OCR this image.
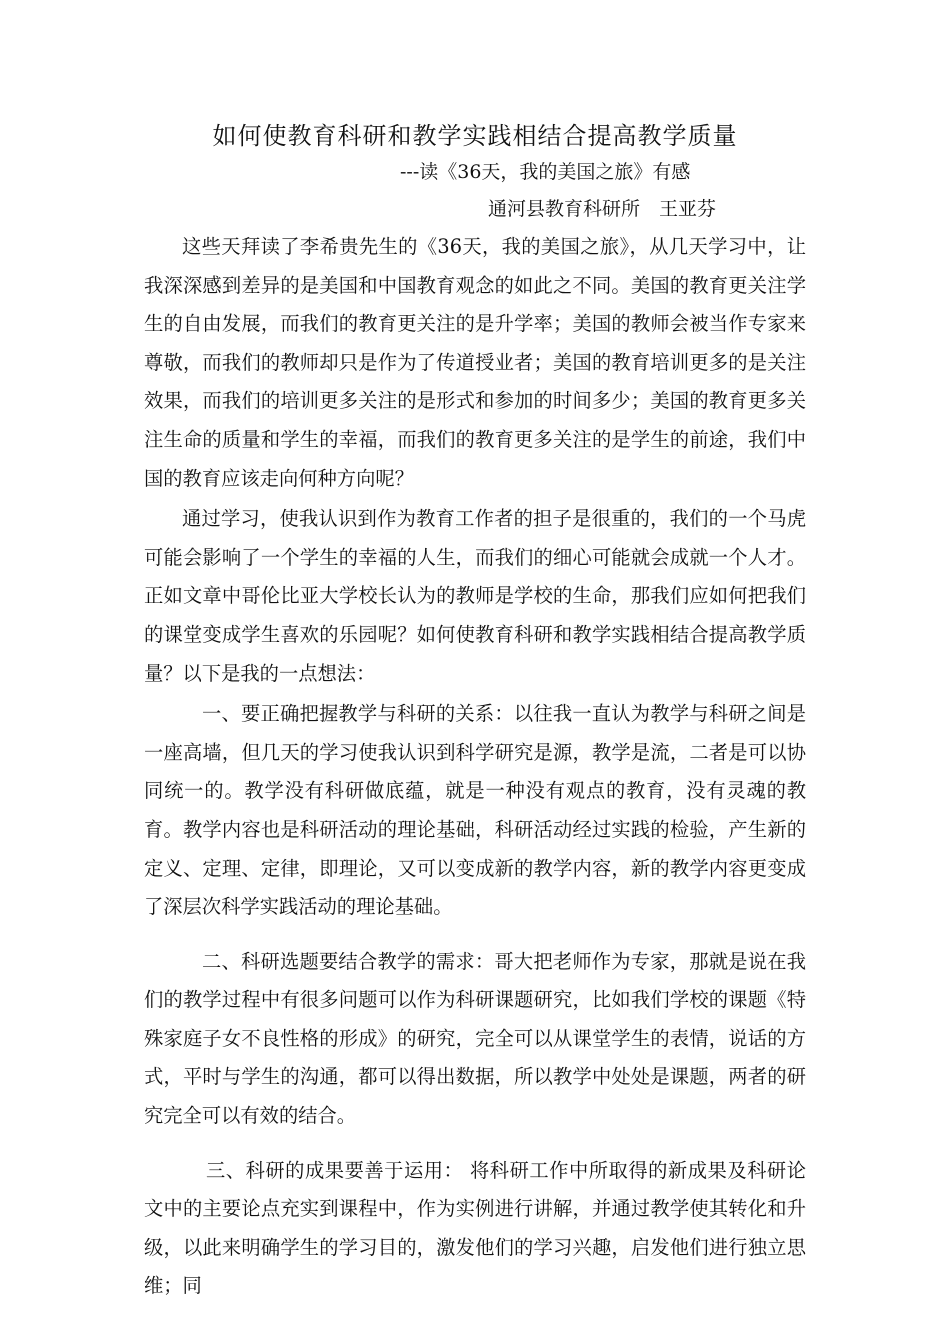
如何使教育科研和教学实践相结合提高教学质量

---读《36天，我的美国之旅》有感

通河县教育科研所　王亚芬

这些天拜读了李希贵先生的《36天，我的美国之旅》，从几天学习中，让我深深感到差异的是美国和中国教育观念的如此之不同。美国的教育更关注学生的自由发展，而我们的教育更关注的是升学率；美国的教师会被当作专家来尊敬，而我们的教师却只是作为了传道授业者；美国的教育培训更多的是关注效果，而我们的培训更多关注的是形式和参加的时间多少；美国的教育更多关注生命的质量和学生的幸福，而我们的教育更多关注的是学生的前途，我们中国的教育应该走向何种方向呢？

通过学习，使我认识到作为教育工作者的担子是很重的，我们的一个马虎可能会影响了一个学生的幸福的人生，而我们的细心可能就会成就一个人才。正如文章中哥伦比亚大学校长认为的教师是学校的生命，那我们应如何把我们的课堂变成学生喜欢的乐园呢？如何使教育科研和教学实践相结合提高教学质量？以下是我的一点想法：

一、要正确把握教学与科研的关系：以往我一直认为教学与科研之间是一座高墙，但几天的学习使我认识到科学研究是源，教学是流，二者是可以协同统一的。教学没有科研做底蕴，就是一种没有观点的教育，没有灵魂的教育。教学内容也是科研活动的理论基础，科研活动经过实践的检验，产生新的定义、定理、定律，即理论，又可以变成新的教学内容，新的教学内容更变成了深层次科学实践活动的理论基础。

二、科研选题要结合教学的需求：哥大把老师作为专家，那就是说在我们的教学过程中有很多问题可以作为科研课题研究，比如我们学校的课题《特殊家庭子女不良性格的形成》的研究，完全可以从课堂学生的表情，说话的方式，平时与学生的沟通，都可以得出数据，所以教学中处处是课题，两者的研究完全可以有效的结合。

三、科研的成果要善于运用： 将科研工作中所取得的新成果及科研论文中的主要论点充实到课程中，作为实例进行讲解，并通过教学使其转化和升级，以此来明确学生的学习目的，激发他们的学习兴趣，启发他们进行独立思维；同
